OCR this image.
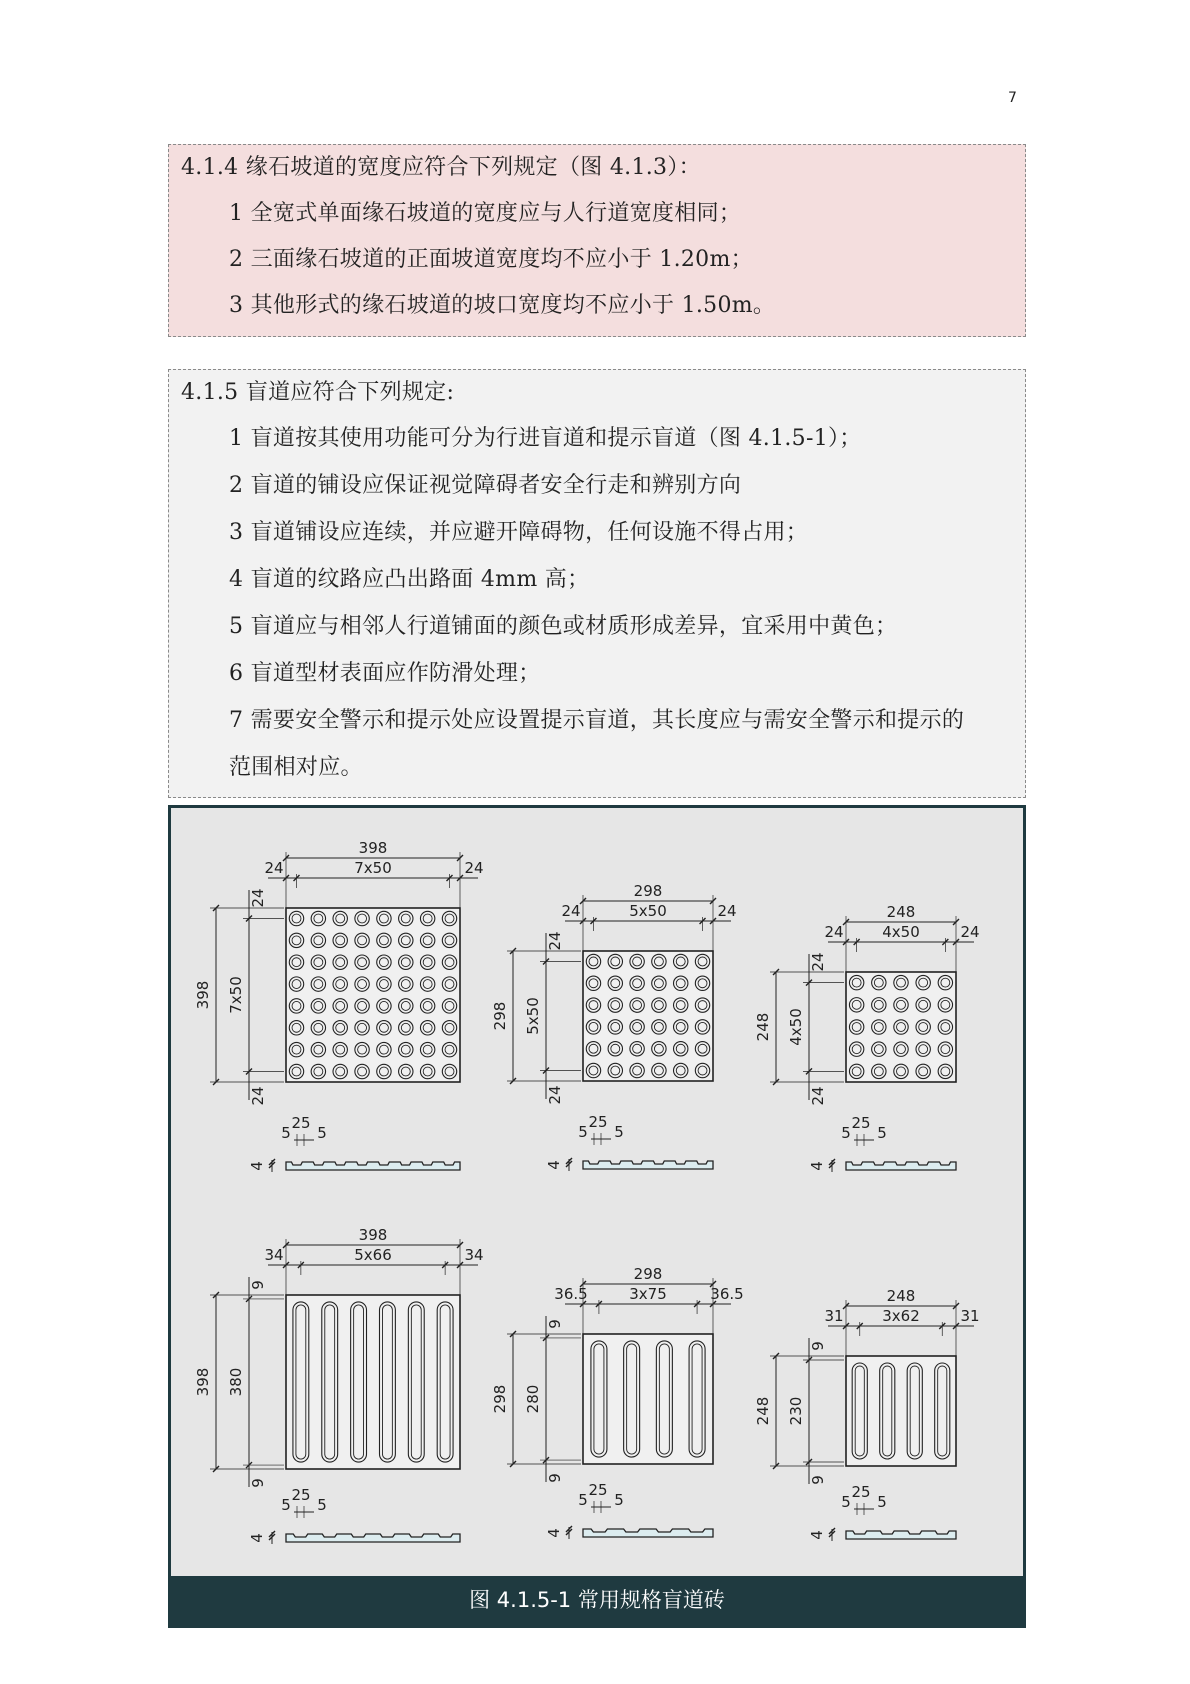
7
4.1.4 缘石坡道的宽度应符合下列规定（图 4.1.3）：
1 全宽式单面缘石坡道的宽度应与人行道宽度相同；
2 三面缘石坡道的正面坡道宽度均不应小于 1.20m；
3 其他形式的缘石坡道的坡口宽度均不应小于 1.50m。
4.1.5 盲道应符合下列规定:
1 盲道按其使用功能可分为行进盲道和提示盲道（图 4.1.5-1）；
2 盲道的铺设应保证视觉障碍者安全行走和辨别方向
3 盲道铺设应连续，并应避开障碍物，任何设施不得占用；
4 盲道的纹路应凸出路面 4mm 高；
5 盲道应与相邻人行道铺面的颜色或材质形成差异，宜采用中黄色；
6 盲道型材表面应作防滑处理；
7 需要安全警示和提示处应设置提示盲道，其长度应与需安全警示和提示的
范围相对应。
398
7x50
24	24
398 7x50
24
24
4
25
5 5
298
5x50
24	24
298 5x50
24
24
4
25
5 5
248
4x50
24	24
248 4x50
24
24
4
25
5 5
398
5x66
34	34
398 380
9
9
4
25
5 5
298
3x75
36.5	36.5
298 280
9
9
4
25
5 5
248
3x62
31	31
248 230
9
9
4
25
5 5
图 4.1.5-1 常用规格盲道砖
